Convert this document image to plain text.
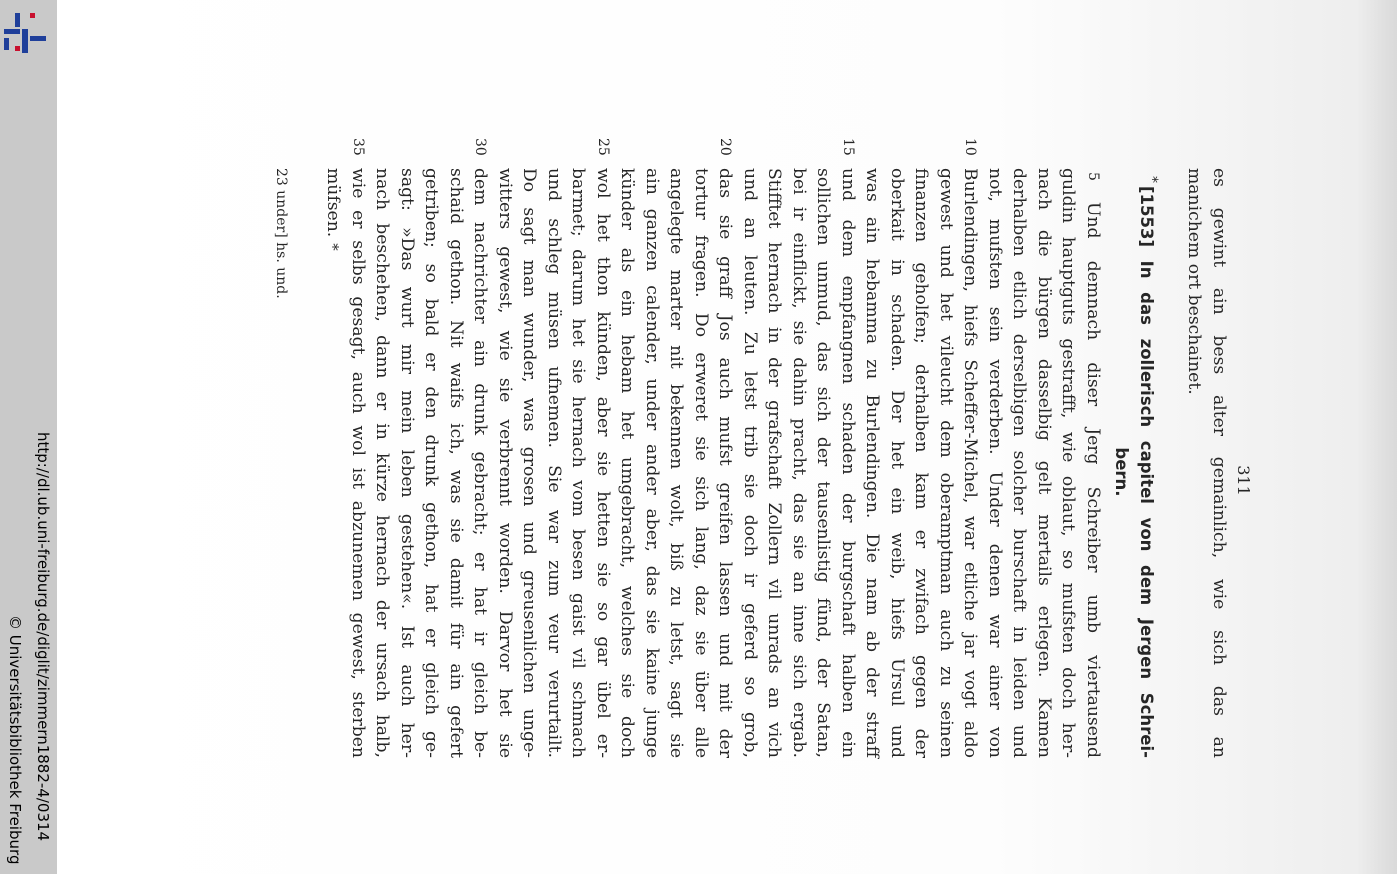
http://dl.ub.uni-freiburg.de/diglit/zimmern1882-4/0314
© Universitätsbibliothek Freiburg
311
es gewint ain bess alter gemainlich, wie sich das an
manichem ort beschainet.
*
[1553] In das zollerisch capitel von dem Jergen Schrei-
bern.
5
Und demnach diser Jerg Schreiber umb viertausend
guldin hauptguts gestrafft, wie oblaut, so mufsten doch her-
nach die bürgen dasselbig gelt mertails erlegen. Kamen
derhalben etlich derselbigen solcher burschaft in leiden und
not, mufsten sein verderben. Under denen war ainer von
10
Burlendingen, hiefs Scheffer-Michel, war etliche jar vogt aldo
gewest und het vileucht dem oberamptman auch zu seinen
finanzen geholfen; derhalben kam er zwifach gegen der
oberkait in schaden. Der het ein weib, hiefs Ursul und
was ain hebamma zu Burlendingen. Die nam ab der straff
15
und dem empfangnen schaden der burgschaft halben ein
sollichen unmud, das sich der tausenlistig fünd, der Satan,
bei ir einflickt, sie dahin pracht, das sie an inne sich ergab.
Stifftet hernach in der grafschaft Zollern vil unrads an vich
und an leuten. Zu letst trib sie doch ir geferd so grob,
20
das sie graff Jos auch mufst greifen lassen und mit der
tortur fragen. Do erweret sie sich lang, daz sie über alle
angelegte marter nit bekennen wolt, biß zu letst, sagt sie
ain ganzen calender, under ander aber, das sie kaine junge
künder als ein hebam het umgebracht, welches sie doch
25
wol het thon künden, aber sie hetten sie so gar übel er-
barmet; darum het sie hernach vom besen gaist vil schmach
und schleg müsen ufnemen. Sie war zum veur verurtailt.
Do sagt man wunder, was grosen und greusenlichen unge-
witters gewest, wie sie verbrennt worden. Darvor het sie
30
dem nachrichter ain drunk gebracht; er hat ir gleich be-
schaid gethon. Nit waifs ich, was sie damit für ain gefert
getriben; so bald er den drunk gethon, hat er gleich ge-
sagt: »Das wurt mir mein leben gestehen«. Ist auch her-
nach beschehen, dann er in kürze hernach der ursach halb,
35
wie er selbs gesagt, auch wol ist abzunemen gewest, sterben
müfsen.*
23 under] hs. und.
